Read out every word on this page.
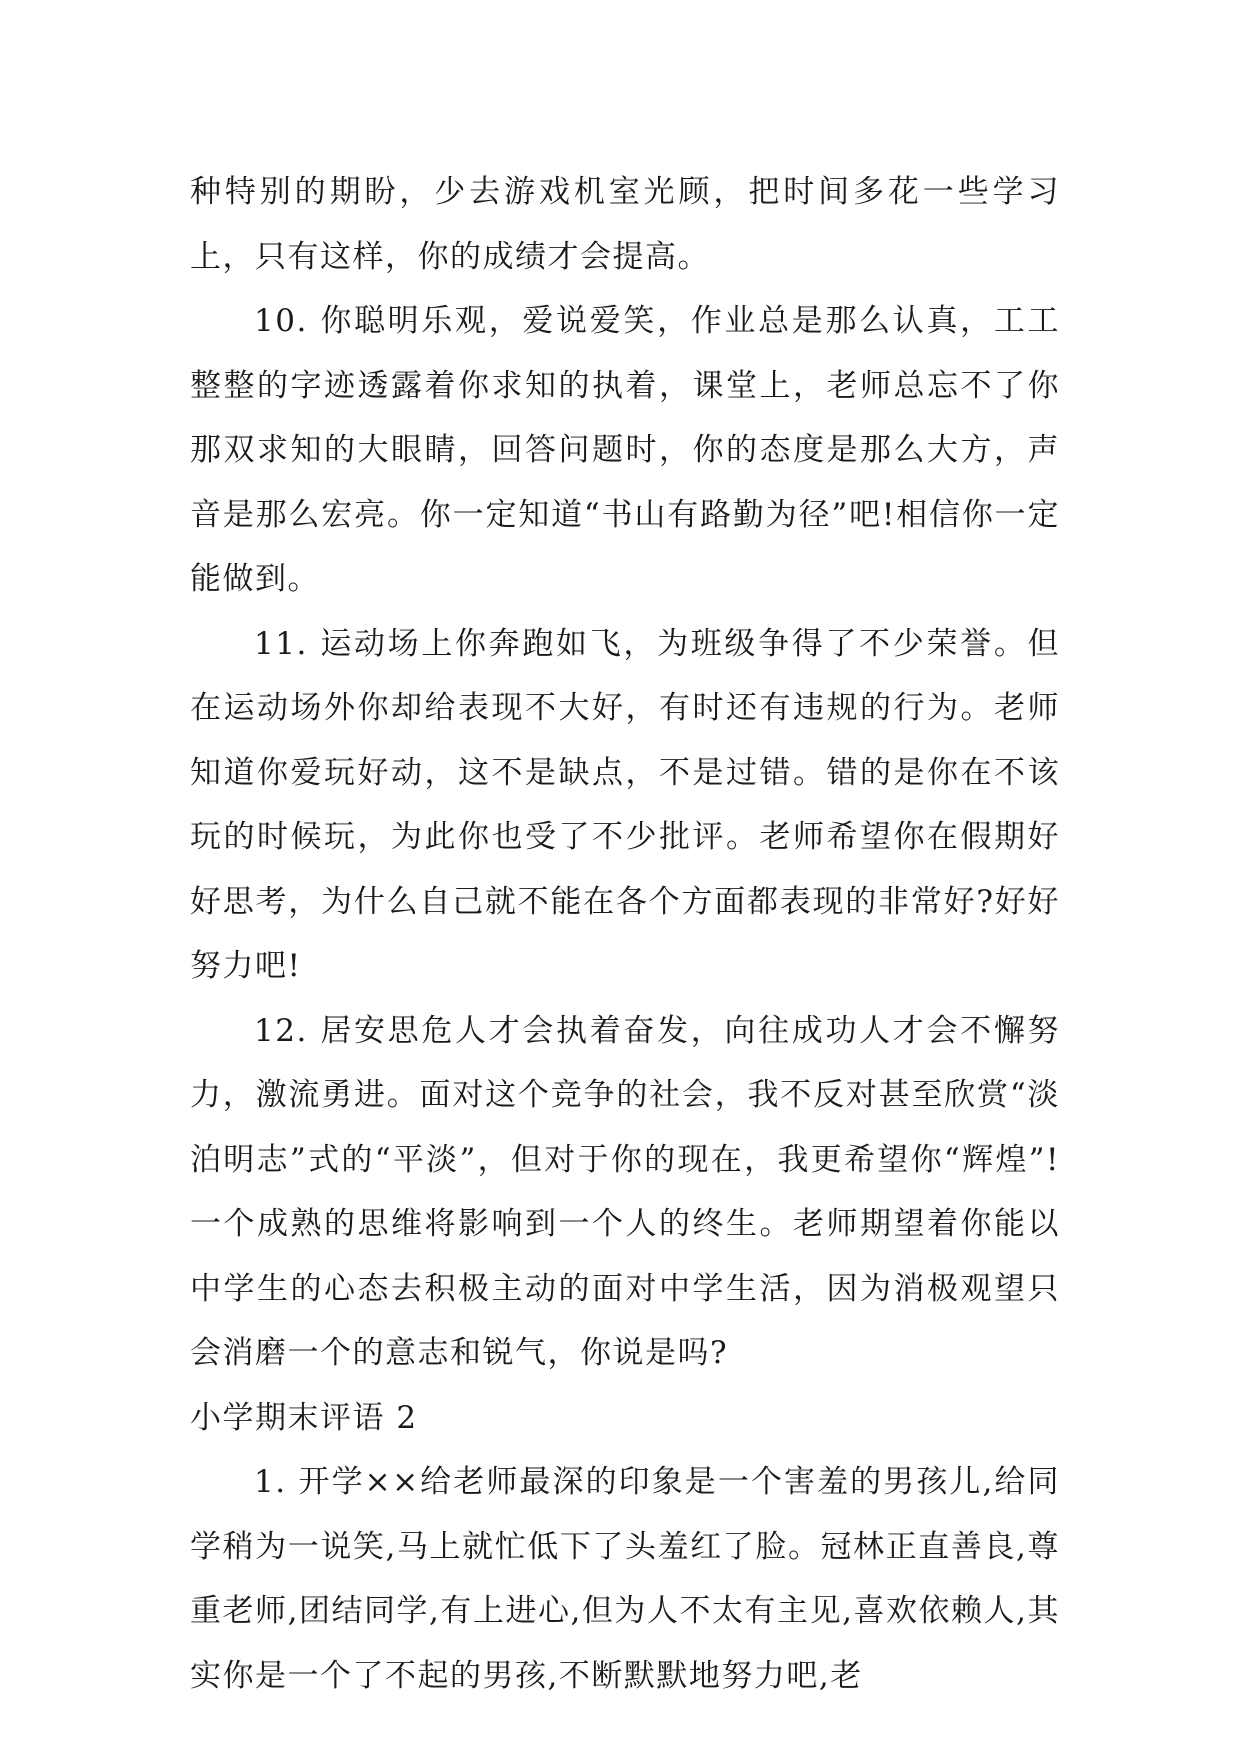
种特别的期盼，少去游戏机室光顾，把时间多花一些学习上，只有这样，你的成绩才会提高。

10. 你聪明乐观，爱说爱笑，作业总是那么认真，工工整整的字迹透露着你求知的执着，课堂上，老师总忘不了你那双求知的大眼睛，回答问题时，你的态度是那么大方，声音是那么宏亮。你一定知道“书山有路勤为径”吧!相信你一定能做到。

11. 运动场上你奔跑如飞，为班级争得了不少荣誉。但在运动场外你却给表现不大好，有时还有违规的行为。老师知道你爱玩好动，这不是缺点，不是过错。错的是你在不该玩的时候玩，为此你也受了不少批评。老师希望你在假期好好思考，为什么自己就不能在各个方面都表现的非常好?好好努力吧!

12. 居安思危人才会执着奋发，向往成功人才会不懈努力，激流勇进。面对这个竞争的社会，我不反对甚至欣赏“淡泊明志”式的“平淡”，但对于你的现在，我更希望你“辉煌”!一个成熟的思维将影响到一个人的终生。老师期望着你能以中学生的心态去积极主动的面对中学生活，因为消极观望只会消磨一个的意志和锐气，你说是吗?

小学期末评语 2

1. 开学××给老师最深的印象是一个害羞的男孩儿,给同学稍为一说笑,马上就忙低下了头羞红了脸。冠林正直善良,尊重老师,团结同学,有上进心,但为人不太有主见,喜欢依赖人,其实你是一个了不起的男孩,不断默默地努力吧,老
